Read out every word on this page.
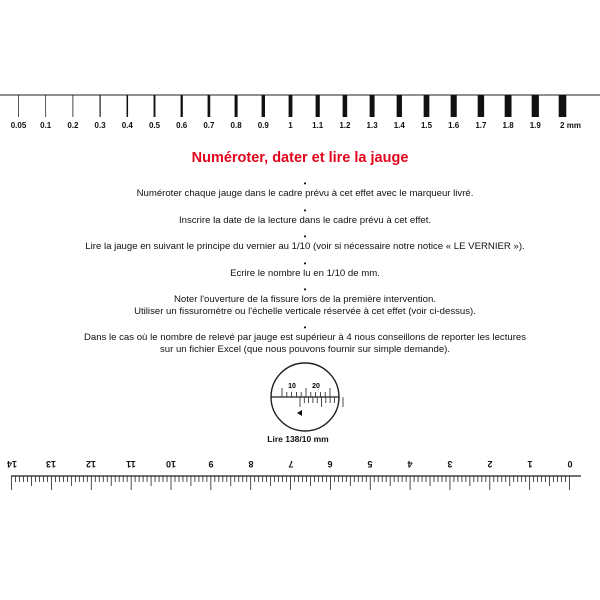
10 20
0.05 0.1 0.2 0.3 0.4 0.5 0.6 0.7 0.8 0.9 1 1.1 1.2 1.3 1.4 1.5 1.6 1.7 1.8 1.9 2 mm
Numéroter, dater et lire la jauge
•
Numéroter chaque jauge dans le cadre prévu à cet effet avec le marqueur livré.
•
Inscrire la date de la lecture dans le cadre prévu à cet effet.
•
Lire la jauge en suivant le principe du vernier au 1/10 (voir si nécessaire notre notice « LE VERNIER »).
•
Ecrire le nombre lu en 1/10 de mm.
•
Noter l'ouverture de la fissure lors de la première intervention.
Utiliser un fissuromètre ou l'échelle verticale réservée à cet effet (voir ci-dessus).
•
Dans le cas où le nombre de relevé par jauge est supérieur à 4 nous conseillons de reporter les lectures
sur un fichier Excel (que nous pouvons fournir sur simple demande).
Lire 138/10 mm
14	13	12	11	10	9	8	7	6	5	4	3	2	1	0
